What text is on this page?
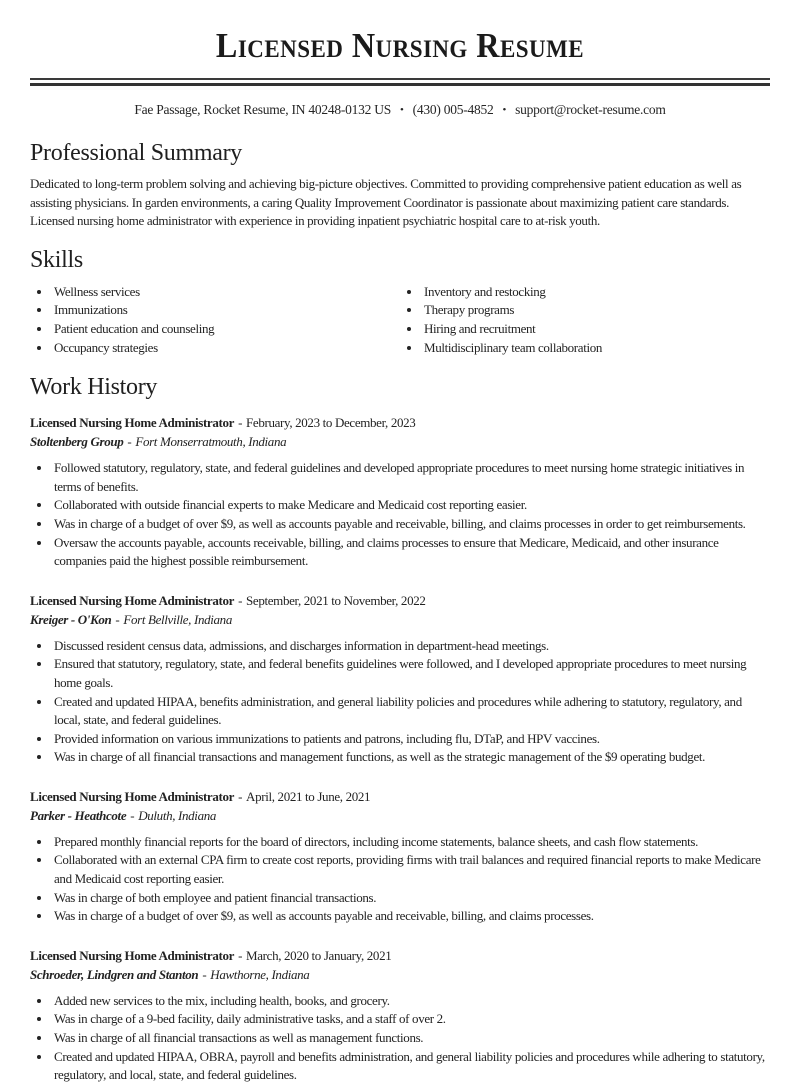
Licensed Nursing Resume
Fae Passage, Rocket Resume, IN 40248-0132 US • (430) 005-4852 • support@rocket-resume.com
Professional Summary

Dedicated to long-term problem solving and achieving big-picture objectives. Committed to providing comprehensive patient education as well as assisting physicians. In garden environments, a caring Quality Improvement Coordinator is passionate about maximizing patient care standards. Licensed nursing home administrator with experience in providing inpatient psychiatric hospital care to at-risk youth.

Skills
• Wellness services
• Immunizations
• Patient education and counseling
• Occupancy strategies
• Inventory and restocking
• Therapy programs
• Hiring and recruitment
• Multidisciplinary team collaboration
Work History
Licensed Nursing Home Administrator - February, 2023 to December, 2023
Stoltenberg Group - Fort Monserratmouth, Indiana
• Followed statutory, regulatory, state, and federal guidelines and developed appropriate procedures to meet nursing home strategic initiatives in terms of benefits.
• Collaborated with outside financial experts to make Medicare and Medicaid cost reporting easier.
• Was in charge of a budget of over $9, as well as accounts payable and receivable, billing, and claims processes in order to get reimbursements.
• Oversaw the accounts payable, accounts receivable, billing, and claims processes to ensure that Medicare, Medicaid, and other insurance companies paid the highest possible reimbursement.
Licensed Nursing Home Administrator - September, 2021 to November, 2022
Kreiger - O'Kon - Fort Bellville, Indiana
• Discussed resident census data, admissions, and discharges information in department-head meetings.
• Ensured that statutory, regulatory, state, and federal benefits guidelines were followed, and I developed appropriate procedures to meet nursing home goals.
• Created and updated HIPAA, benefits administration, and general liability policies and procedures while adhering to statutory, regulatory, and local, state, and federal guidelines.
• Provided information on various immunizations to patients and patrons, including flu, DTaP, and HPV vaccines.
• Was in charge of all financial transactions and management functions, as well as the strategic management of the $9 operating budget.
Licensed Nursing Home Administrator - April, 2021 to June, 2021
Parker - Heathcote - Duluth, Indiana
• Prepared monthly financial reports for the board of directors, including income statements, balance sheets, and cash flow statements.
• Collaborated with an external CPA firm to create cost reports, providing firms with trail balances and required financial reports to make Medicare and Medicaid cost reporting easier.
• Was in charge of both employee and patient financial transactions.
• Was in charge of a budget of over $9, as well as accounts payable and receivable, billing, and claims processes.
Licensed Nursing Home Administrator - March, 2020 to January, 2021
Schroeder, Lindgren and Stanton - Hawthorne, Indiana
• Added new services to the mix, including health, books, and grocery.
• Was in charge of a 9-bed facility, daily administrative tasks, and a staff of over 2.
• Was in charge of all financial transactions as well as management functions.
• Created and updated HIPAA, OBRA, payroll and benefits administration, and general liability policies and procedures while adhering to statutory, regulatory, and local, state, and federal guidelines.
